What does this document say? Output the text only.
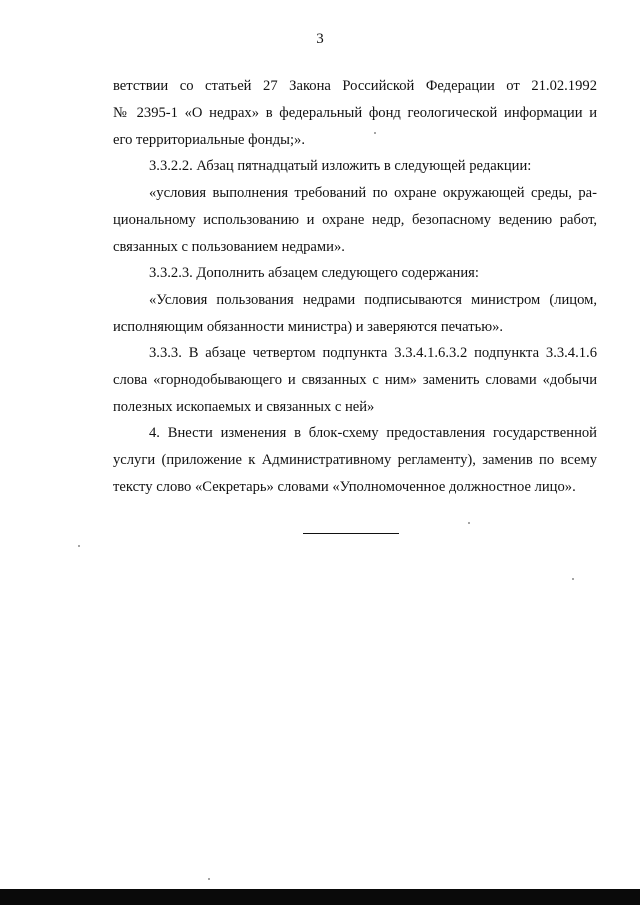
3
ветствии со статьей 27 Закона Российской Федерации от 21.02.1992
№ 2395-1 «О недрах» в федеральный фонд геологической информации и
его территориальные фонды;».
3.3.2.2. Абзац пятнадцатый изложить в следующей редакции:
«условия выполнения требований по охране окружающей среды, ра-
циональному использованию и охране недр, безопасному ведению работ,
связанных с пользованием недрами».
3.3.2.3. Дополнить абзацем следующего содержания:
«Условия пользования недрами подписываются министром (лицом,
исполняющим обязанности министра) и заверяются печатью».
3.3.3. В абзаце четвертом подпункта 3.3.4.1.6.3.2 подпункта 3.3.4.1.6
слова «горнодобывающего и связанных с ним» заменить словами «добычи
полезных ископаемых и связанных с ней»
4. Внести изменения в блок-схему предоставления государственной
услуги (приложение к Административному регламенту), заменив по всему
тексту слово «Секретарь» словами «Уполномоченное должностное лицо».
